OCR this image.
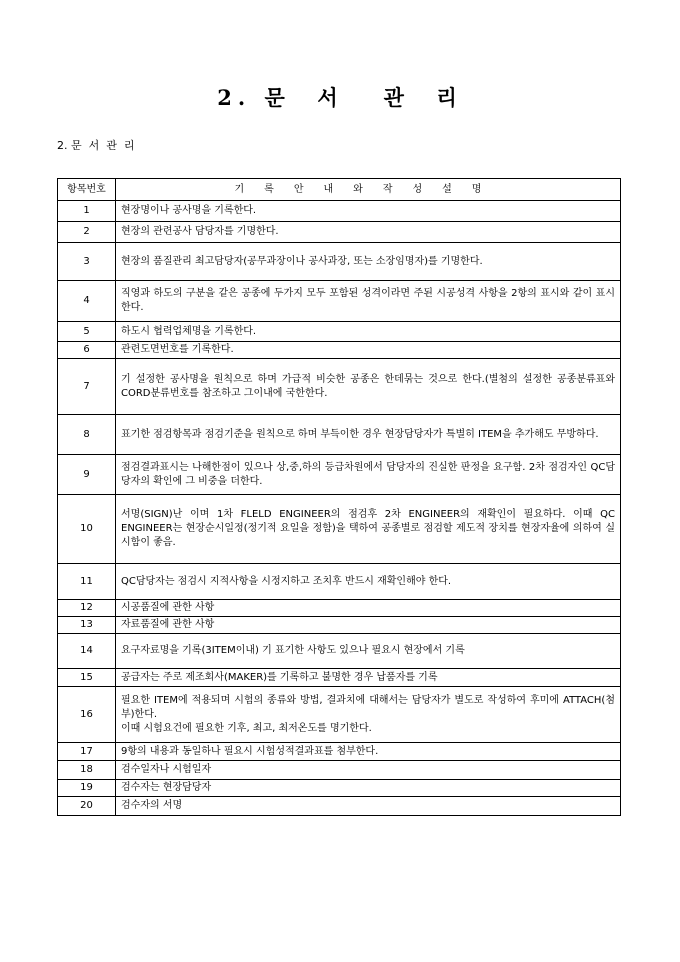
2. 문  서   관  리
2. 문  서  관  리
항목번호	기록안내와작성설명
1	현장명이나 공사명을 기록한다.

2	현장의 관련공사 담당자를 기명한다.

3	현장의 품질관리 최고담당자(공무과장이나 공사과장, 또는 소장임명자)를 기명한다.

4	직영과 하도의 구분을 같은 공종에 두가지 모두 포함된 성격이라면 주된 시공성격 사항을 2항의 표시와 같이 표시한다.

5	하도시 협력업체명을 기록한다.

6	관련도면번호를 기록한다.

7	기 설정한 공사명을 원칙으로 하며 가급적 비슷한 공종은 한데묶는 것으로 한다.(별첨의 설정한 공종분류표와 CORD분류번호를 참조하고 그이내에 국한한다.

8	표기한 점검항목과 점검기준을 원칙으로 하며 부득이한 경우 현장담당자가 특별히 ITEM을 추가해도 무방하다.

9	점검결과표시는 나해한점이 있으나 상,중,하의 등급차원에서 담당자의 진실한 판정을 요구함. 2차 점검자인 QC담당자의 확인에 그 비중을 더한다.

10	서명(SIGN)난 이며 1차 FLELD ENGINEER의 점검후 2차 ENGINEER의 재확인이 필요하다. 이때 QC ENGINEER는 현장순시일정(정기적 요일을 정함)을 택하여 공종별로 점검할 제도적 장치를 현장자율에 의하여 실시함이 좋음.

11	QC담당자는 점검시 지적사항을 시정지하고 조치후 반드시 재확인해야 한다.

12	시공품질에 관한 사항

13	자료품질에 관한 사항

14	요구자료명을 기록(3ITEM이내) 기 표기한 사항도 있으나 필요시 현장에서 기록

15	공급자는 주로 제조회사(MAKER)를 기록하고 불명한 경우 납품자를 기록

16	필요한 ITEM에 적용되며 시험의 종류와 방법, 결과치에 대해서는 담당자가 별도로 작성하여 후미에 ATTACH(첨부)한다.
이때 시험요건에 필요한 기후, 최고, 최저온도를 명기한다.

17	9항의 내용과 동일하나 필요시 시험성적결과표를 첨부한다.

18	검수일자나 시험일자

19	검수자는 현장담당자

20	검수자의 서명
